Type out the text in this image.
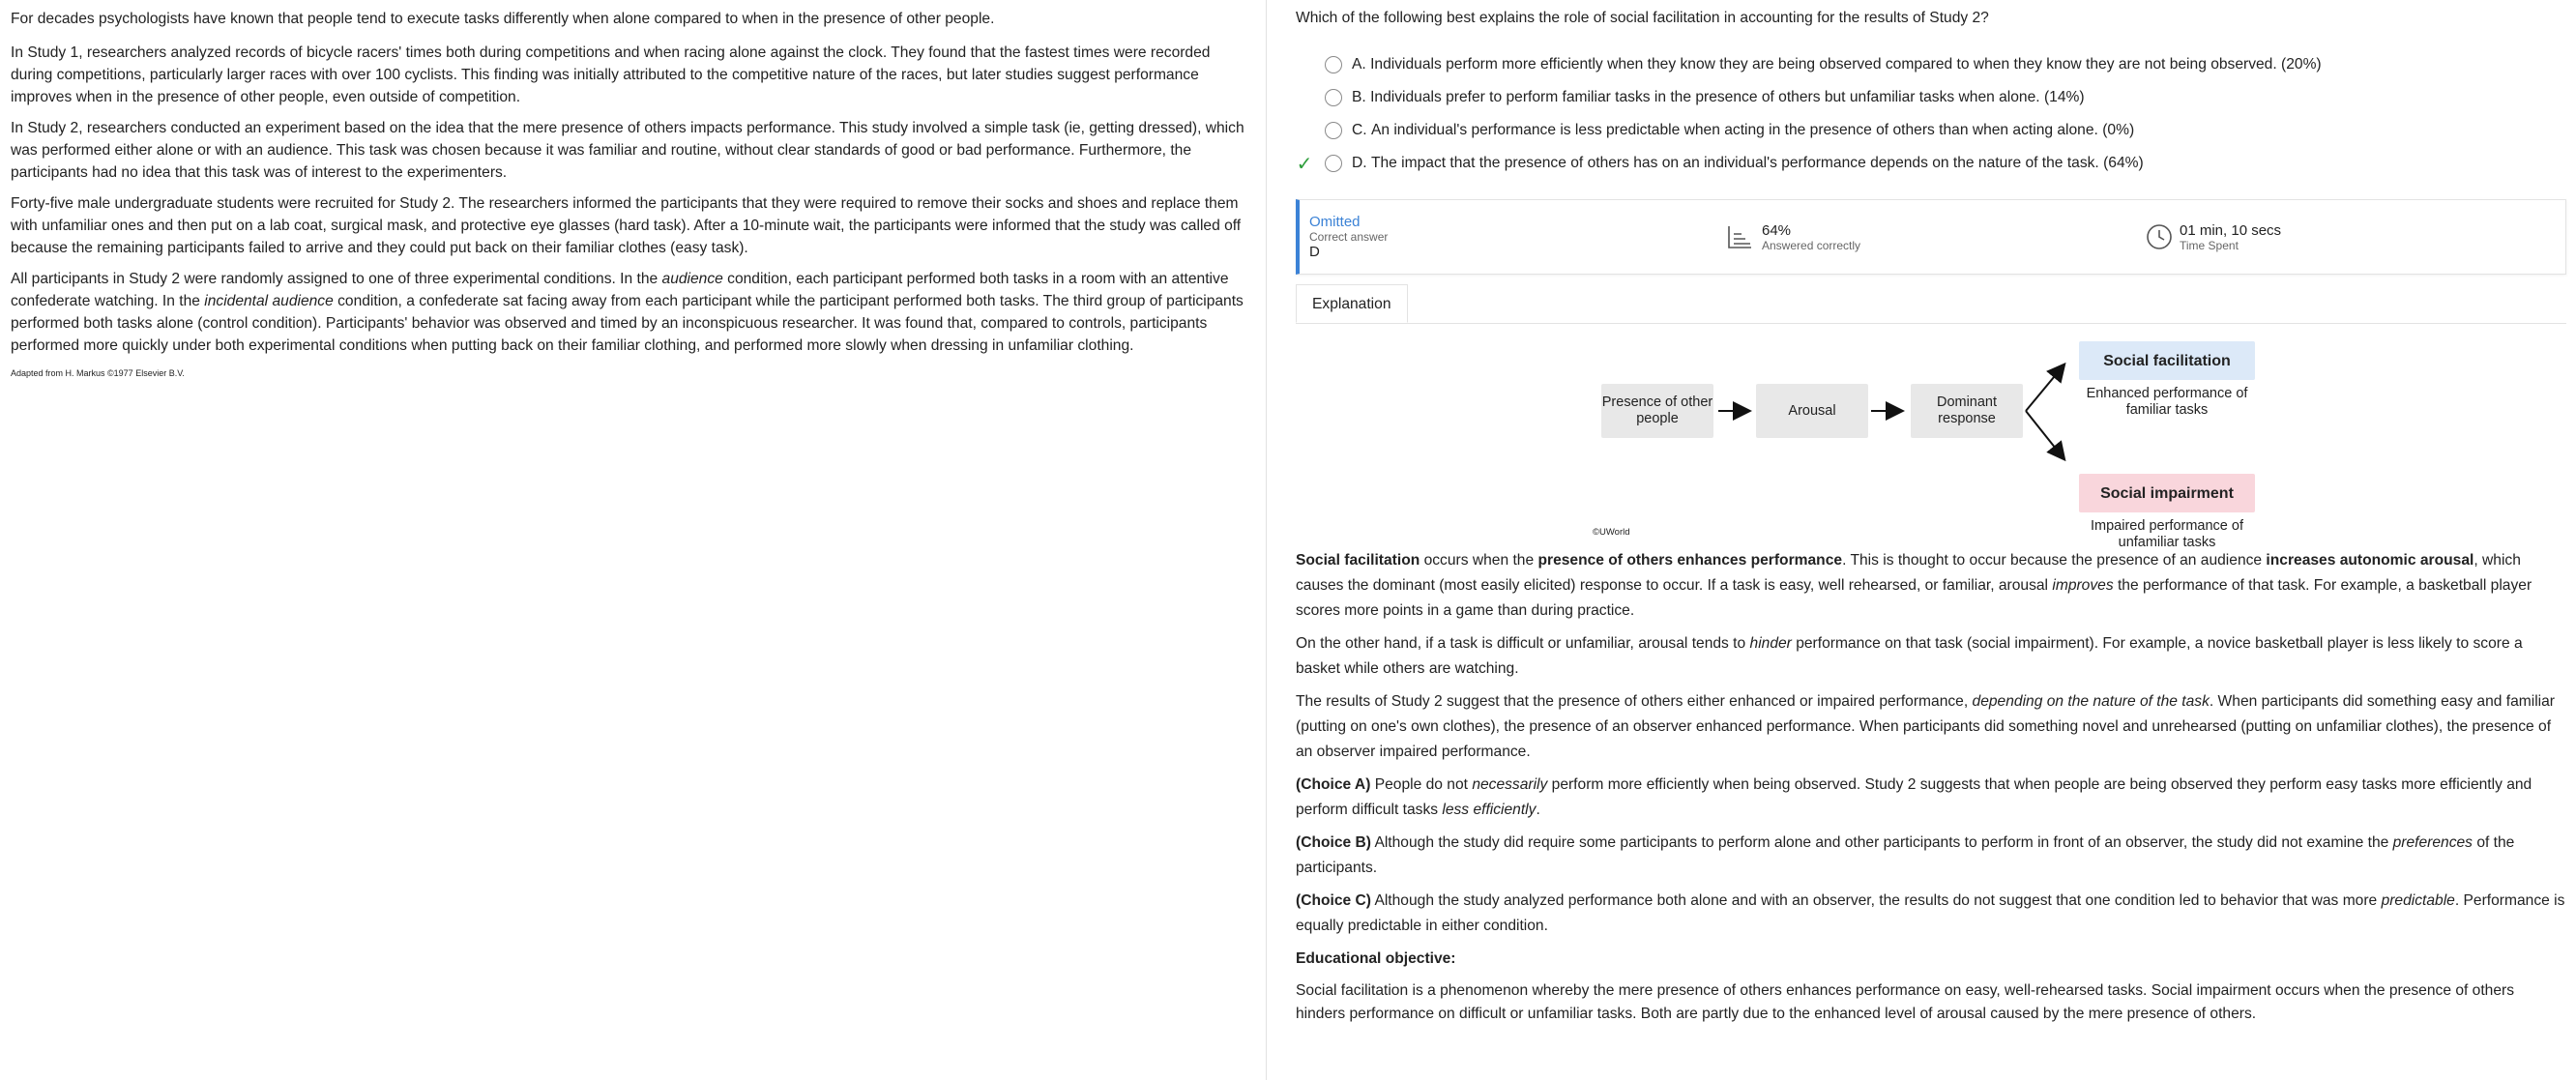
For decades psychologists have known that people tend to execute tasks differently when alone compared to when in the presence of other people.

In Study 1, researchers analyzed records of bicycle racers' times both during competitions and when racing alone against the clock. They found that the fastest times were recorded during competitions, particularly larger races with over 100 cyclists. This finding was initially attributed to the competitive nature of the races, but later studies suggest performance improves when in the presence of other people, even outside of competition.

In Study 2, researchers conducted an experiment based on the idea that the mere presence of others impacts performance. This study involved a simple task (ie, getting dressed), which was performed either alone or with an audience. This task was chosen because it was familiar and routine, without clear standards of good or bad performance. Furthermore, the participants had no idea that this task was of interest to the experimenters.

Forty-five male undergraduate students were recruited for Study 2. The researchers informed the participants that they were required to remove their socks and shoes and replace them with unfamiliar ones and then put on a lab coat, surgical mask, and protective eye glasses (hard task). After a 10-minute wait, the participants were informed that the study was called off because the remaining participants failed to arrive and they could put back on their familiar clothes (easy task).

All participants in Study 2 were randomly assigned to one of three experimental conditions. In the audience condition, each participant performed both tasks in a room with an attentive confederate watching. In the incidental audience condition, a confederate sat facing away from each participant while the participant performed both tasks. The third group of participants performed both tasks alone (control condition). Participants' behavior was observed and timed by an inconspicuous researcher. It was found that, compared to controls, participants performed more quickly under both experimental conditions when putting back on their familiar clothing, and performed more slowly when dressing in unfamiliar clothing.

Adapted from H. Markus ©1977 Elsevier B.V.

Which of the following best explains the role of social facilitation in accounting for the results of Study 2?

A.
Individuals perform more efficiently when they know they are being observed compared to when they know they are not being observed.
(20%)
B.
Individuals prefer to perform familiar tasks in the presence of others but unfamiliar tasks when alone.
(14%)
C.
An individual's performance is less predictable when acting in the presence of others than when acting alone.
(0%)
✓	D.
The impact that the presence of others has on an individual's performance depends on the nature of the task.
(64%)
Omitted
Correct answer
D
64%
Answered correctly
01 min, 10 secs
Time Spent
Explanation
Presence of other people
Arousal
Dominant response
Social facilitation
Enhanced performance of familiar tasks
Social impairment
Impaired performance of unfamiliar tasks
©UWorld

Social facilitation occurs when the presence of others enhances performance. This is thought to occur because the presence of an audience increases autonomic arousal, which causes the dominant (most easily elicited) response to occur. If a task is easy, well rehearsed, or familiar, arousal improves the performance of that task. For example, a basketball player scores more points in a game than during practice.

On the other hand, if a task is difficult or unfamiliar, arousal tends to hinder performance on that task (social impairment). For example, a novice basketball player is less likely to score a basket while others are watching.

The results of Study 2 suggest that the presence of others either enhanced or impaired performance, depending on the nature of the task. When participants did something easy and familiar (putting on one's own clothes), the presence of an observer enhanced performance. When participants did something novel and unrehearsed (putting on unfamiliar clothes), the presence of an observer impaired performance.

(Choice A) People do not necessarily perform more efficiently when being observed. Study 2 suggests that when people are being observed they perform easy tasks more efficiently and perform difficult tasks less efficiently.

(Choice B) Although the study did require some participants to perform alone and other participants to perform in front of an observer, the study did not examine the preferences of the participants.

(Choice C) Although the study analyzed performance both alone and with an observer, the results do not suggest that one condition led to behavior that was more predictable. Performance is equally predictable in either condition.

Educational objective:

Social facilitation is a phenomenon whereby the mere presence of others enhances performance on easy, well-rehearsed tasks. Social impairment occurs when the presence of others hinders performance on difficult or unfamiliar tasks. Both are partly due to the enhanced level of arousal caused by the mere presence of others.
